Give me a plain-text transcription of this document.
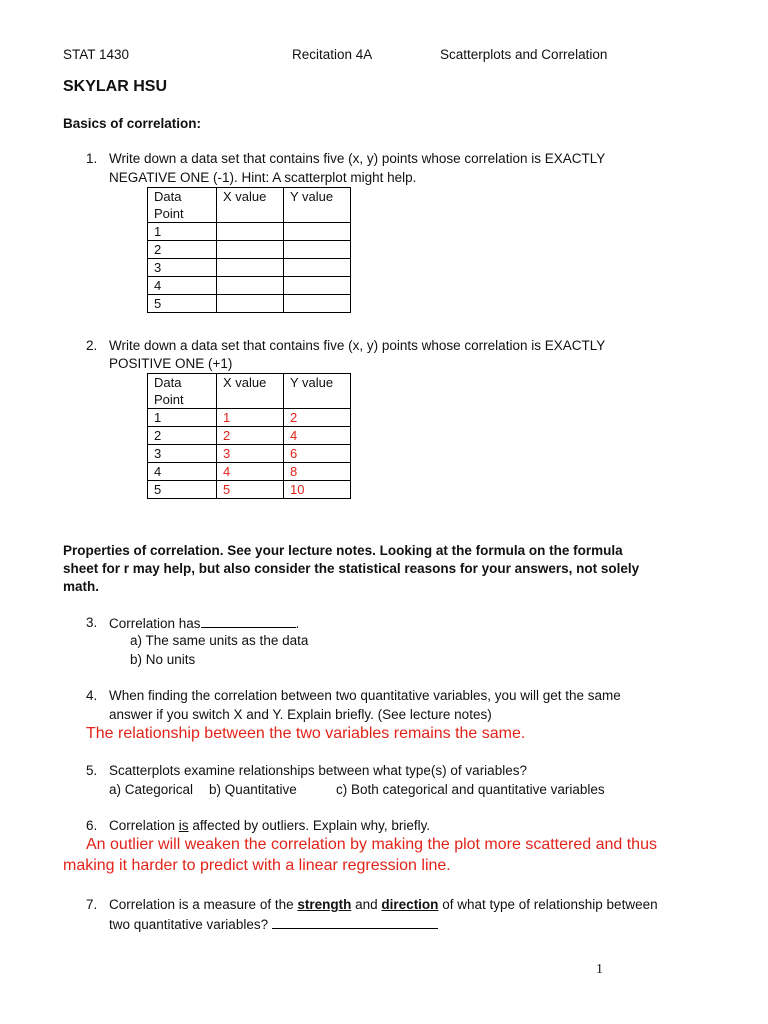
STAT 1430	Recitation 4A	Scatterplots and Correlation
SKYLAR HSU
Basics of correlation:
1. Write down a data set that contains five (x, y) points whose correlation is EXACTLY
NEGATIVE ONE (-1). Hint: A scatterplot might help.
Data Point	X value	Y value
1		
2		
3		
4		
5		
2. Write down a data set that contains five (x, y) points whose correlation is EXACTLY
POSITIVE ONE (+1)
Data Point	X value	Y value
1	1	2
2	2	4
3	3	6
4	4	8
5	5	10
Properties of correlation. See your lecture notes. Looking at the formula on the formula
sheet for r may help, but also consider the statistical reasons for your answers, not solely
math.
3. Correlation has	.
a) The same units as the data
b) No units
4. When finding the correlation between two quantitative variables, you will get the same
answer if you switch X and Y. Explain briefly. (See lecture notes)
The relationship between the two variables remains the same.
5. Scatterplots examine relationships between what type(s) of variables?
a) Categorical b) Quantitative	c) Both categorical and quantitative variables
6. Correlation is affected by outliers. Explain why, briefly.
An outlier will weaken the correlation by making the plot more scattered and thus
making it harder to predict with a linear regression line.
7. Correlation is a measure of the strength and direction of what type of relationship between
two quantitative variables?
1
